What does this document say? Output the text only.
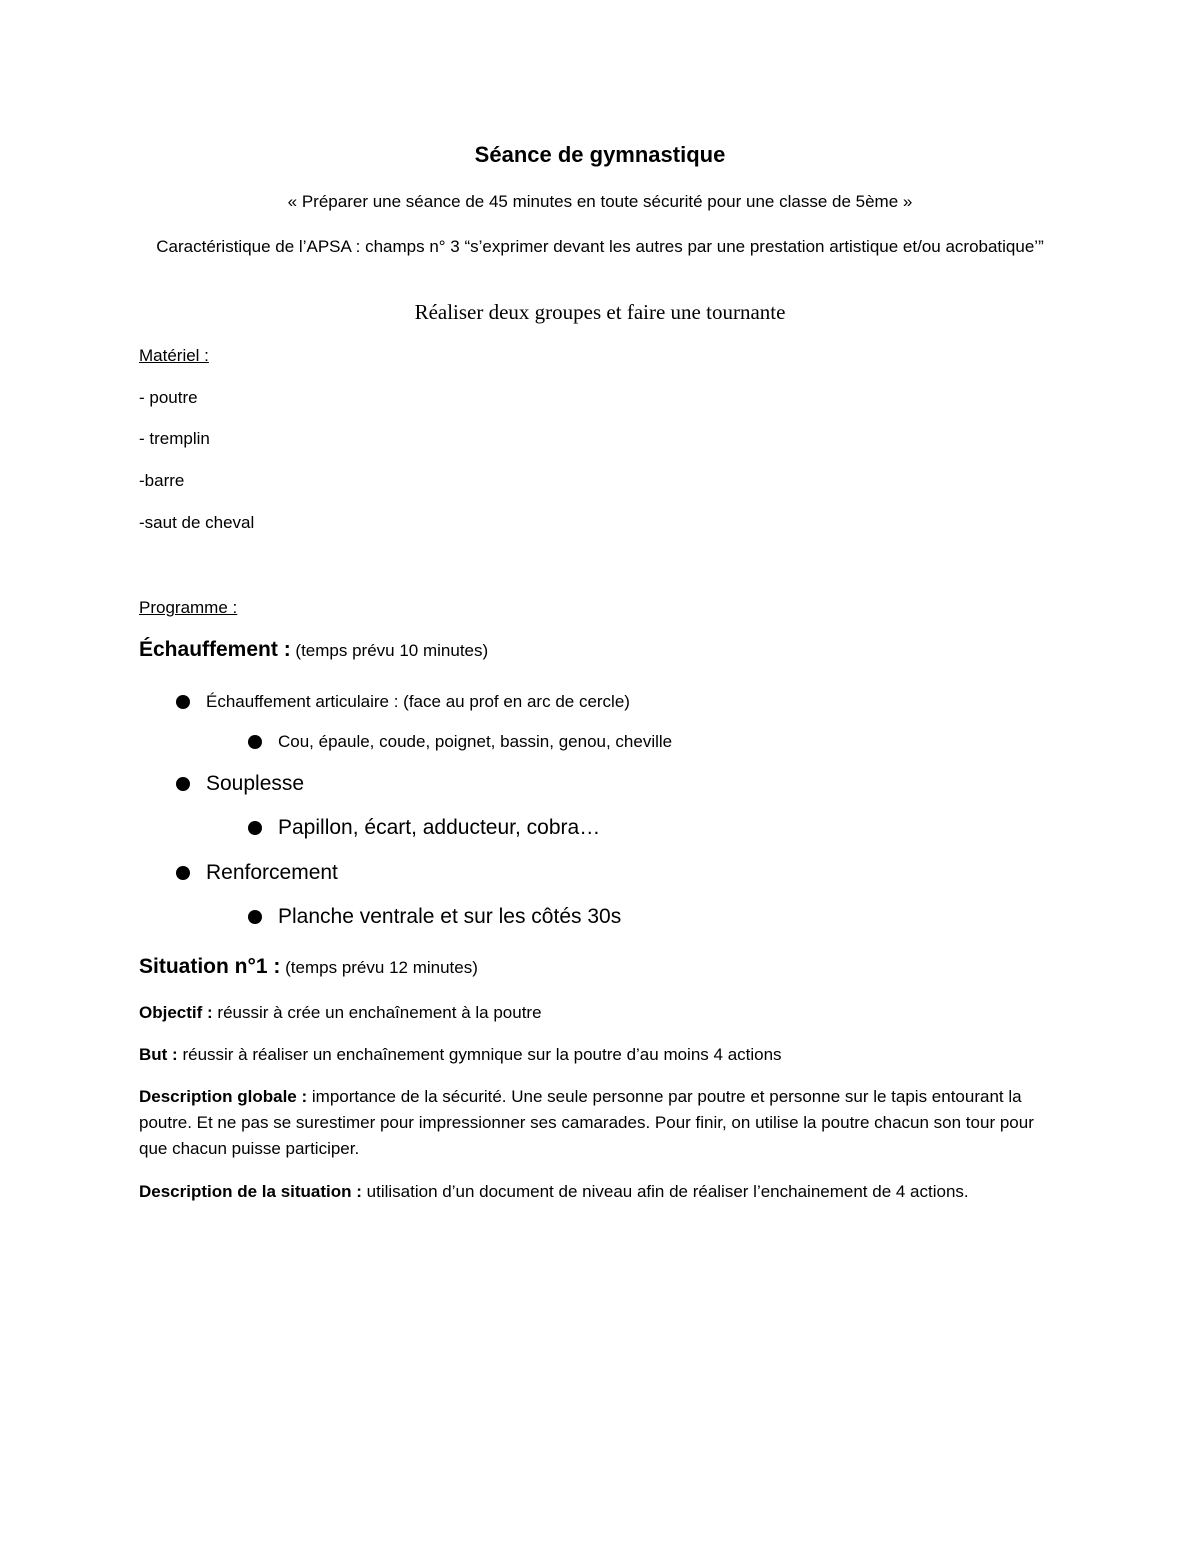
Séance de gymnastique
« Préparer une séance de 45 minutes en toute sécurité pour une classe de 5ème »
Caractéristique de l’APSA : champs n° 3 “s’exprimer devant les autres par une prestation artistique et/ou acrobatique’”
Réaliser deux groupes et faire une tournante
Matériel :
- poutre
- tremplin
-barre
-saut de cheval
Programme :
Échauffement : (temps prévu 10 minutes)
Échauffement articulaire : (face au prof en arc de cercle)
Cou, épaule, coude, poignet, bassin, genou, cheville
Souplesse
Papillon, écart, adducteur, cobra…
Renforcement
Planche ventrale et sur les côtés 30s
Situation n°1 : (temps prévu 12 minutes)
Objectif : réussir à crée un enchaînement à la poutre
But : réussir à réaliser un enchaînement gymnique sur la poutre d’au moins 4 actions
Description globale : importance de la sécurité. Une seule personne par poutre et personne sur le tapis entourant la poutre. Et ne pas se surestimer pour impressionner ses camarades. Pour finir, on utilise la poutre chacun son tour pour que chacun puisse participer.
Description de la situation : utilisation d’un document de niveau afin de réaliser l’enchainement de 4 actions.
